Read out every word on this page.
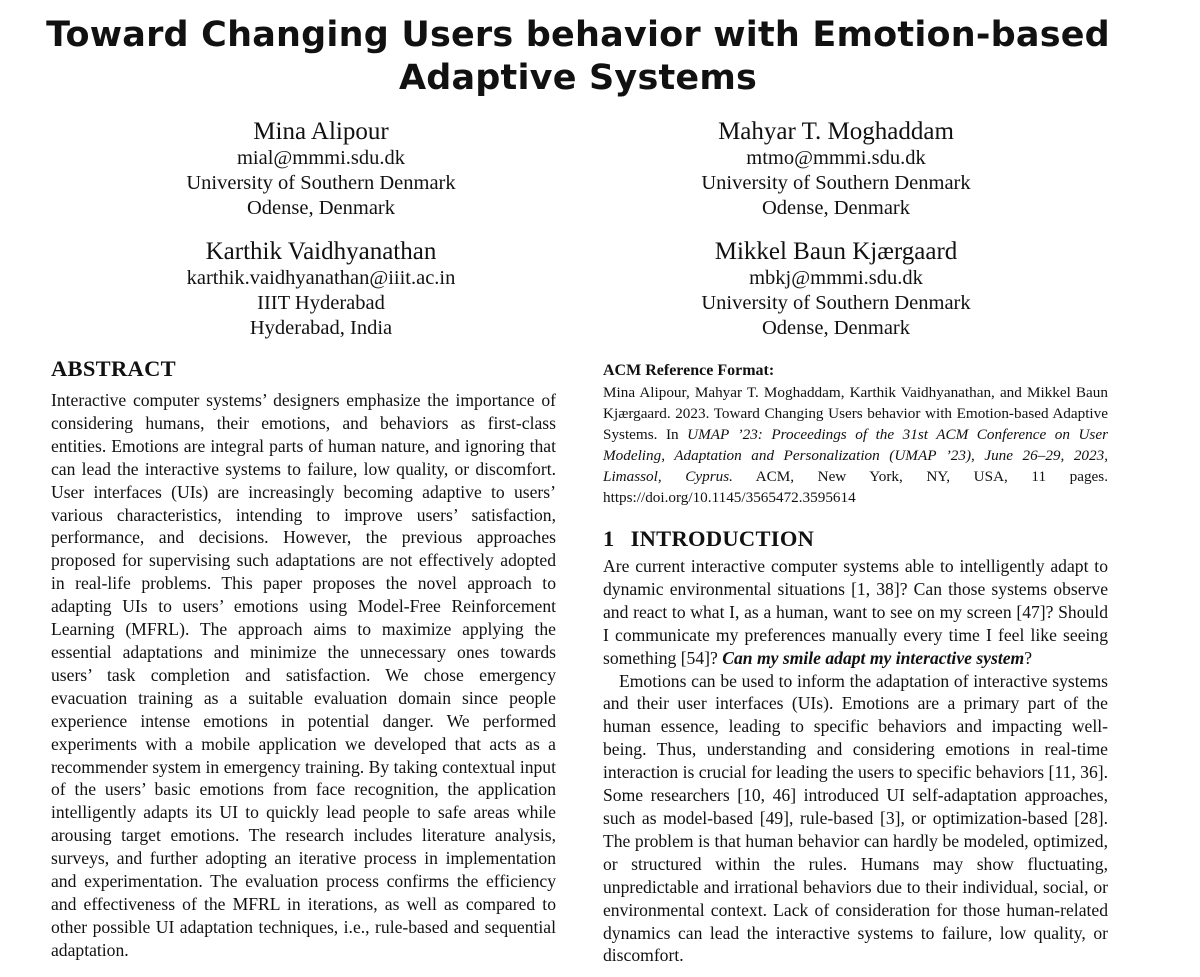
Toward Changing Users behavior with Emotion-based Adaptive Systems
Mina Alipour
mial@mmmi.sdu.dk
University of Southern Denmark
Odense, Denmark
Mahyar T. Moghaddam
mtmo@mmmi.sdu.dk
University of Southern Denmark
Odense, Denmark
Karthik Vaidhyanathan
karthik.vaidhyanathan@iiit.ac.in
IIIT Hyderabad
Hyderabad, India
Mikkel Baun Kjærgaard
mbkj@mmmi.sdu.dk
University of Southern Denmark
Odense, Denmark
ABSTRACT

Interactive computer systems’ designers emphasize the importance of considering humans, their emotions, and behaviors as first-class entities. Emotions are integral parts of human nature, and ignoring that can lead the interactive systems to failure, low quality, or discomfort. User interfaces (UIs) are increasingly becoming adaptive to users’ various characteristics, intending to improve users’ satisfaction, performance, and decisions. However, the previous approaches proposed for supervising such adaptations are not effectively adopted in real-life problems. This paper proposes the novel approach to adapting UIs to users’ emotions using Model-Free Reinforcement Learning (MFRL). The approach aims to maximize applying the essential adaptations and minimize the unnecessary ones towards users’ task completion and satisfaction. We chose emergency evacuation training as a suitable evaluation domain since people experience intense emotions in potential danger. We performed experiments with a mobile application we developed that acts as a recommender system in emergency training. By taking contextual input of the users’ basic emotions from face recognition, the application intelligently adapts its UI to quickly lead people to safe areas while arousing target emotions. The research includes literature analysis, surveys, and further adopting an iterative process in implementation and experimentation. The evaluation process confirms the efficiency and effectiveness of the MFRL in iterations, as well as compared to other possible UI adaptation techniques, i.e., rule-based and sequential adaptation.

ACM Reference Format:

Mina Alipour, Mahyar T. Moghaddam, Karthik Vaidhyanathan, and Mikkel Baun Kjærgaard. 2023. Toward Changing Users behavior with Emotion-based Adaptive Systems. In UMAP ’23: Proceedings of the 31st ACM Conference on User Modeling, Adaptation and Personalization (UMAP ’23), June 26–29, 2023, Limassol, Cyprus. ACM, New York, NY, USA, 11 pages. https://doi.org/10.1145/3565472.3595614

1 INTRODUCTION

Are current interactive computer systems able to intelligently adapt to dynamic environmental situations [1, 38]? Can those systems observe and react to what I, as a human, want to see on my screen [47]? Should I communicate my preferences manually every time I feel like seeing something [54]? Can my smile adapt my interactive system?

Emotions can be used to inform the adaptation of interactive systems and their user interfaces (UIs). Emotions are a primary part of the human essence, leading to specific behaviors and impacting well-being. Thus, understanding and considering emotions in real-time interaction is crucial for leading the users to specific behaviors [11, 36]. Some researchers [10, 46] introduced UI self-adaptation approaches, such as model-based [49], rule-based [3], or optimization-based [28]. The problem is that human behavior can hardly be modeled, optimized, or structured within the rules. Humans may show fluctuating, unpredictable and irrational behaviors due to their individual, social, or environmental context. Lack of consideration for those human-related dynamics can lead the interactive systems to failure, low quality, or discomfort.
